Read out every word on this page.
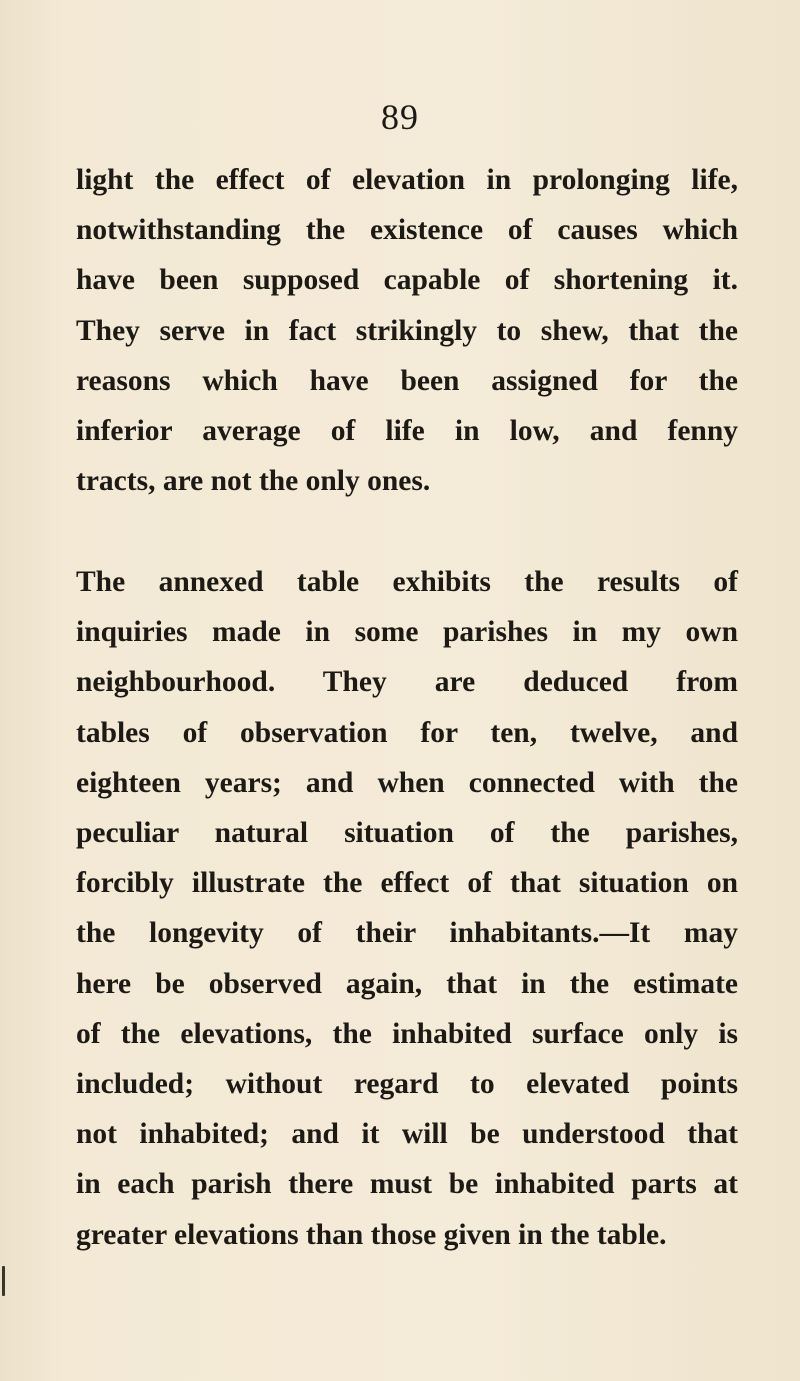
89

light the effect of elevation in prolonging life,
notwithstanding the existence of causes which
have been supposed capable of shortening it.
They serve in fact strikingly to shew, that the
reasons which have been assigned for the
inferior average of life in low, and fenny
tracts, are not the only ones.

The annexed table exhibits the results of
inquiries made in some parishes in my own
neighbourhood. They are deduced from
tables of observation for ten, twelve, and
eighteen years; and when connected with the
peculiar natural situation of the parishes,
forcibly illustrate the effect of that situation on
the longevity of their inhabitants.—It may
here be observed again, that in the estimate
of the elevations, the inhabited surface only is
included; without regard to elevated points
not inhabited; and it will be understood that
in each parish there must be inhabited parts at
greater elevations than those given in the table.
